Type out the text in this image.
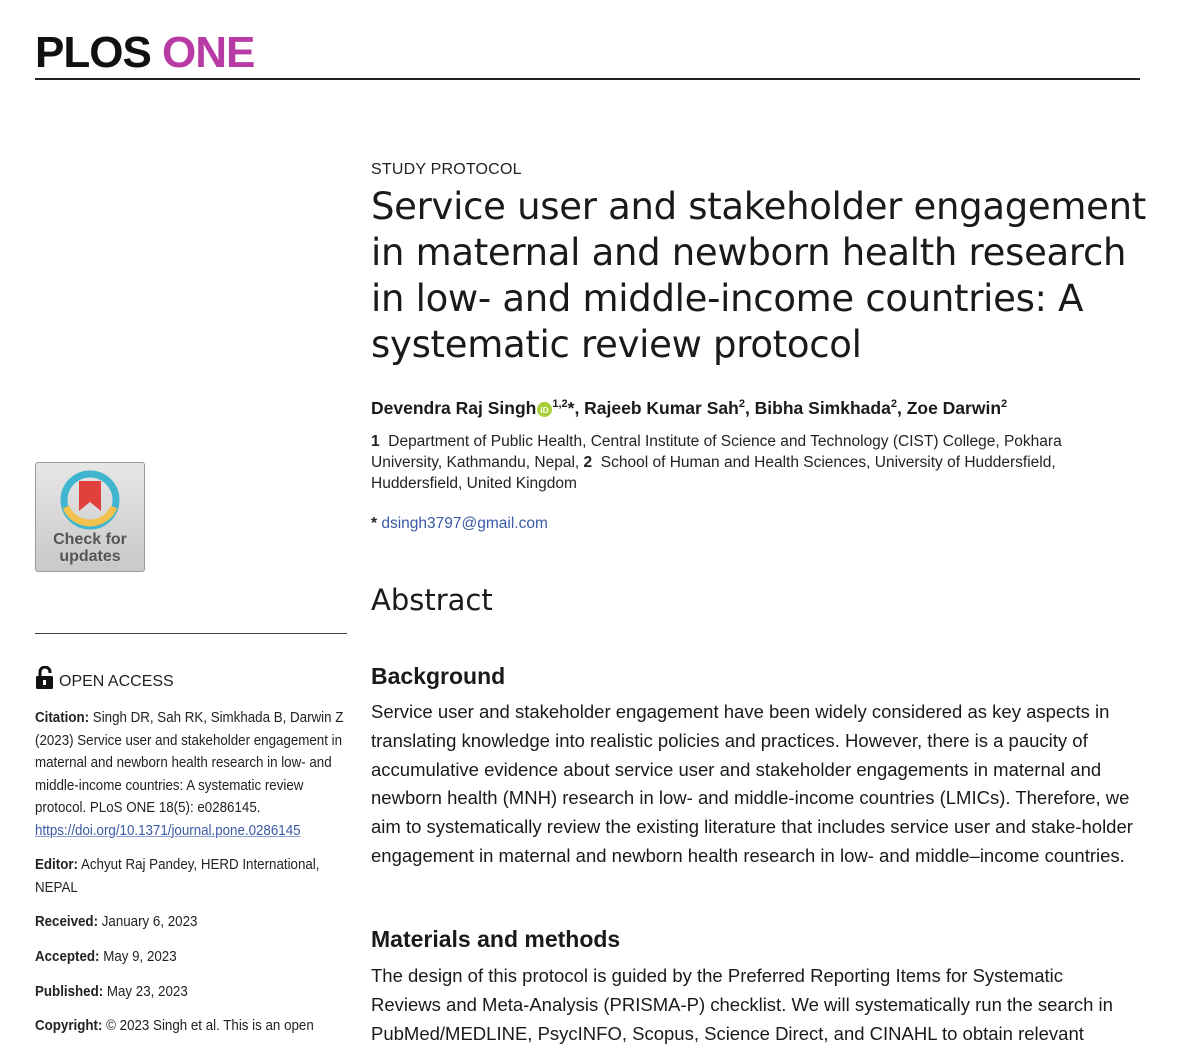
PLOS ONE
Check for
updates
OPEN ACCESS
Citation: Singh DR, Sah RK, Simkhada B, Darwin Z (2023) Service user and stakeholder engagement in maternal and newborn health research in low- and middle-income countries: A systematic review protocol. PLoS ONE 18(5): e0286145. https://doi.org/10.1371/journal.pone.0286145
Editor: Achyut Raj Pandey, HERD International, NEPAL
Received: January 6, 2023
Accepted: May 9, 2023
Published: May 23, 2023
Copyright: © 2023 Singh et al. This is an open
STUDY PROTOCOL
Service user and stakeholder engagement in maternal and newborn health research in low- and middle-income countries: A systematic review protocol
Devendra Raj Singh iD $^{1,2}$*, Rajeeb Kumar Sah$^2$, Bibha Simkhada$^2$, Zoe Darwin$^2$
1 Department of Public Health, Central Institute of Science and Technology (CIST) College, Pokhara University, Kathmandu, Nepal, 2 School of Human and Health Sciences, University of Huddersfield, Huddersfield, United Kingdom
* dsingh3797@gmail.com
Abstract
Background

Service user and stakeholder engagement have been widely considered as key aspects in translating knowledge into realistic policies and practices. However, there is a paucity of accumulative evidence about service user and stakeholder engagements in maternal and newborn health (MNH) research in low- and middle-income countries (LMICs). Therefore, we aim to systematically review the existing literature that includes service user and stake-holder engagement in maternal and newborn health research in low- and middle–income countries.

Materials and methods

The design of this protocol is guided by the Preferred Reporting Items for Systematic Reviews and Meta-Analysis (PRISMA-P) checklist. We will systematically run the search in PubMed/MEDLINE, PsycINFO, Scopus, Science Direct, and CINAHL to obtain relevant
